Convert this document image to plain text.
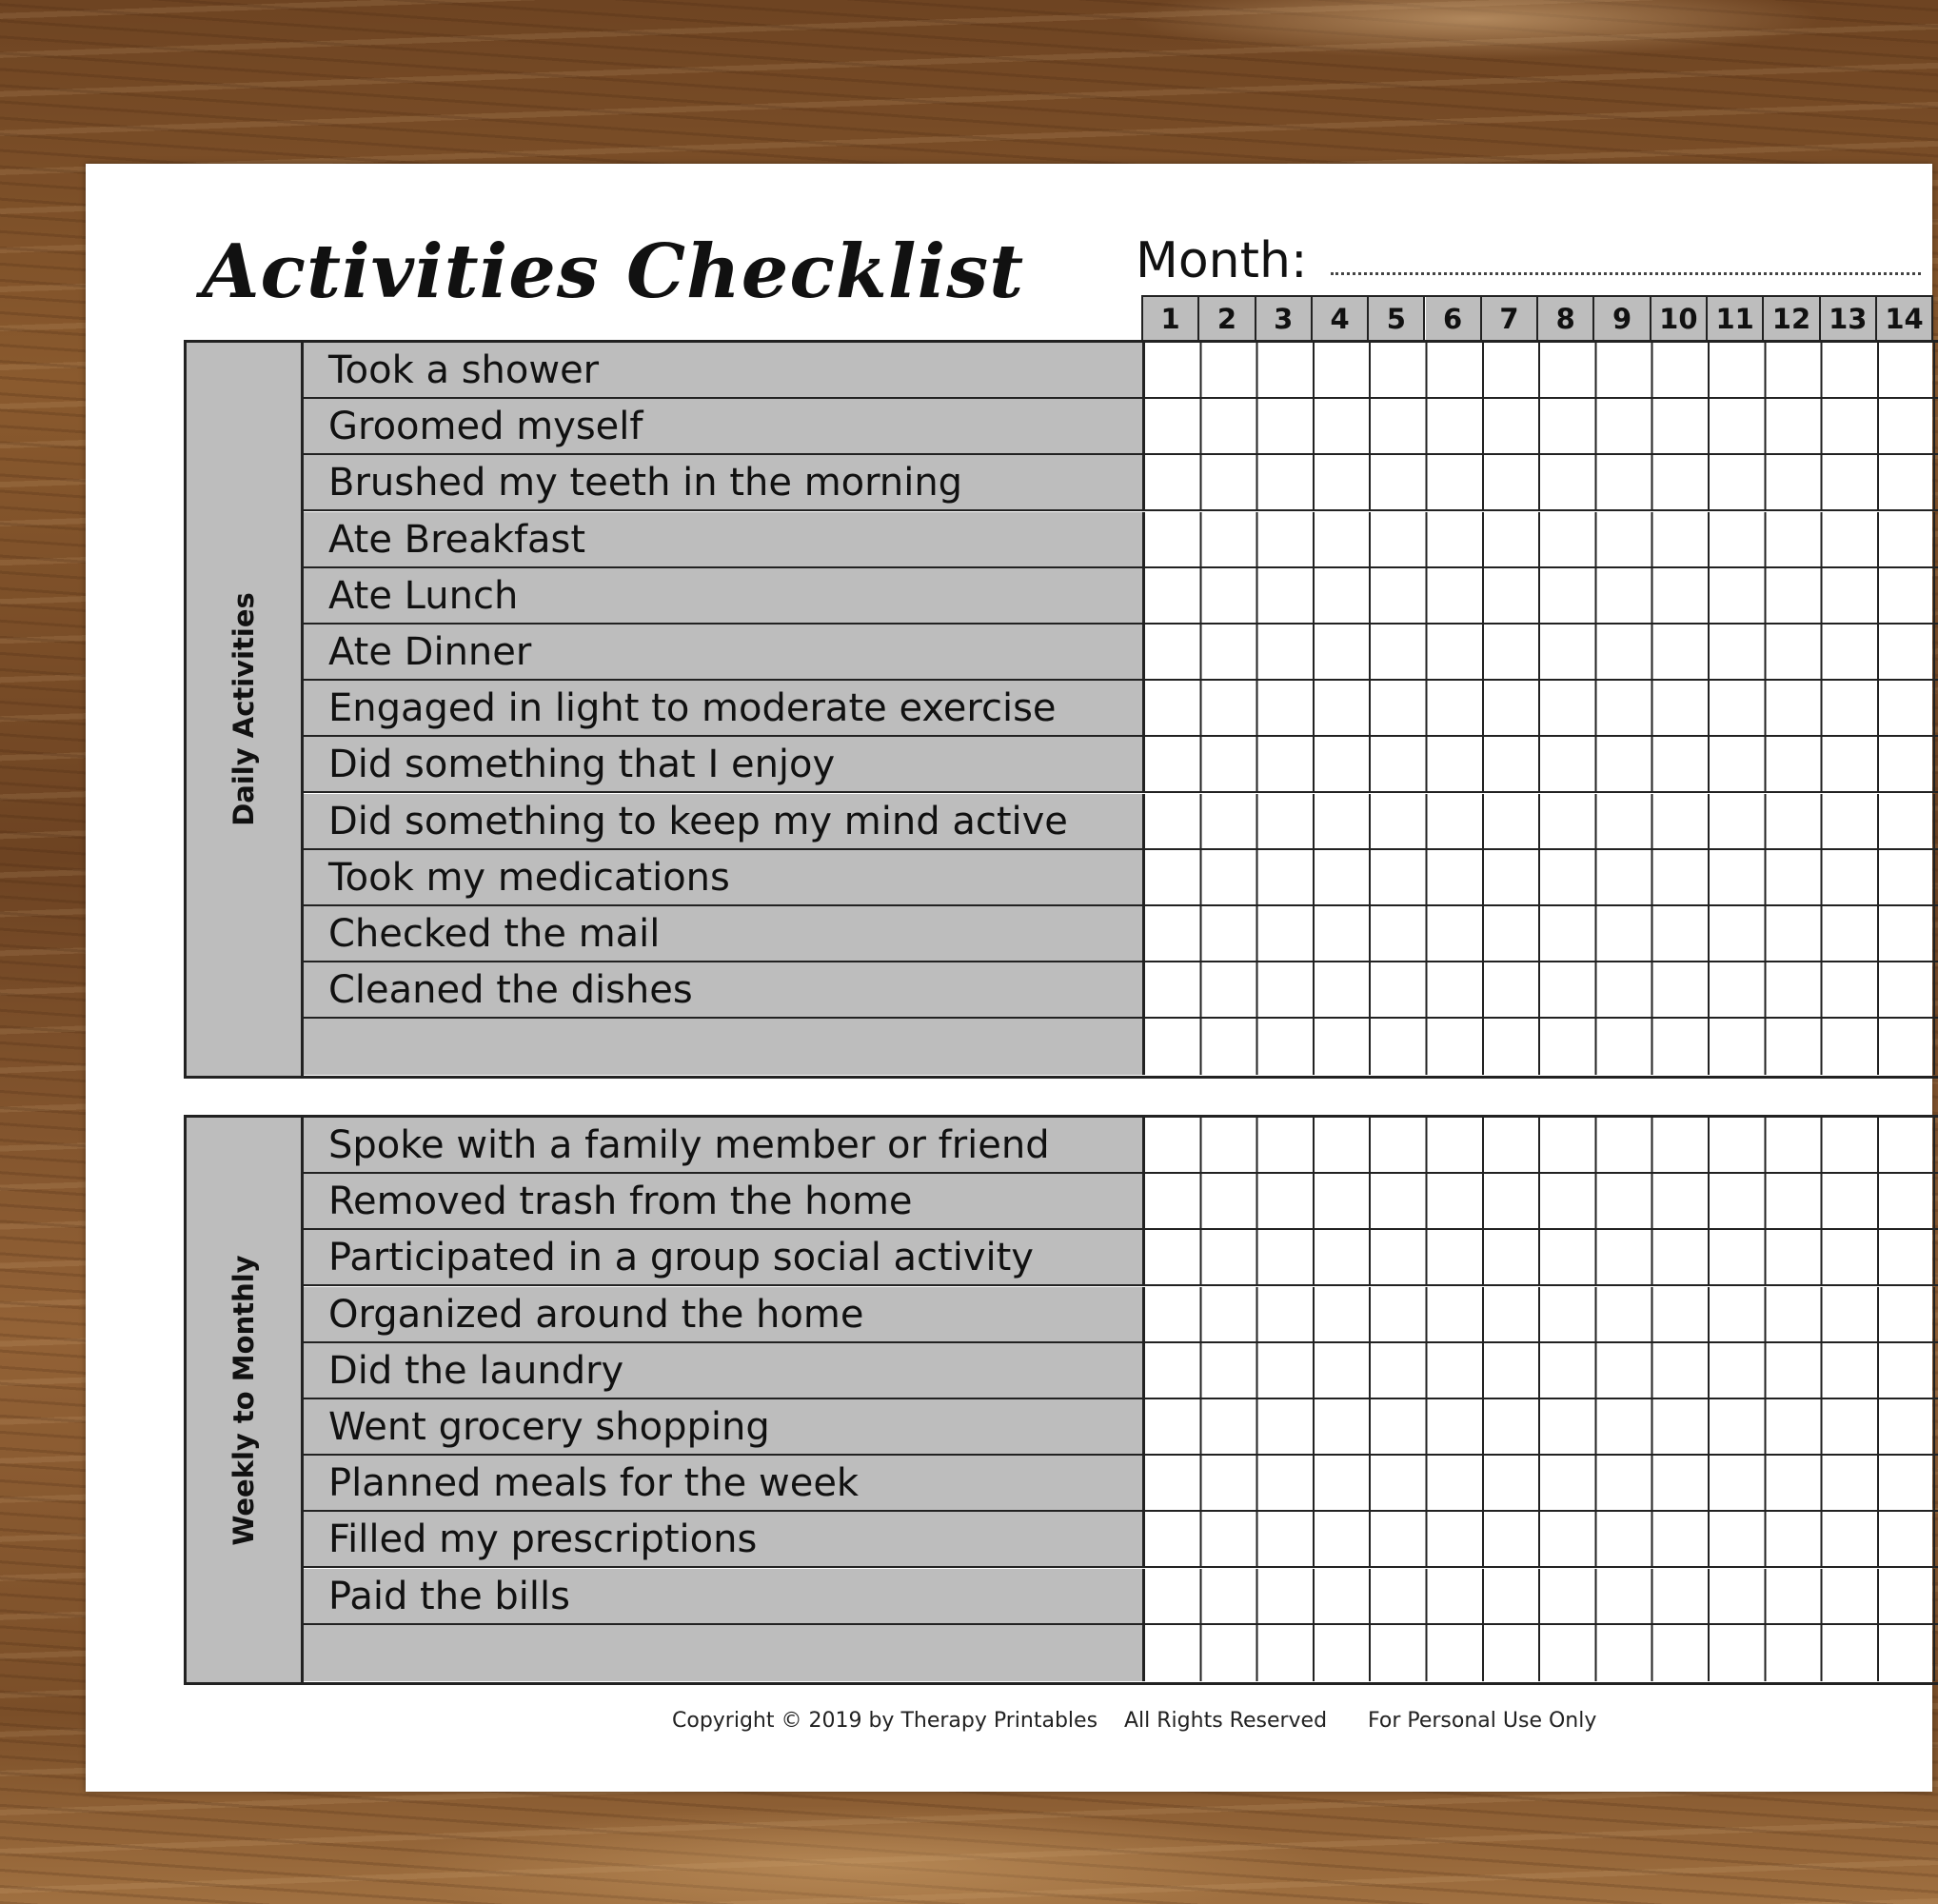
Activities Checklist Month:
1	2	3	4	5	6	7	8	9	10 11 12 13 14
Daily Activities
Took a shower
Groomed myself
Brushed my teeth in the morning
Ate Breakfast
Ate Lunch
Ate Dinner
Engaged in light to moderate exercise
Did something that I enjoy
Did something to keep my mind active
Took my medications
Checked the mail
Cleaned the dishes
Weekly to Monthly
Spoke with a family member or friend
Removed trash from the home
Participated in a group social activity
Organized around the home
Did the laundry
Went grocery shopping
Planned meals for the week
Filled my prescriptions
Paid the bills
Copyright © 2019 by Therapy Printables All Rights Reserved For Personal Use Only
